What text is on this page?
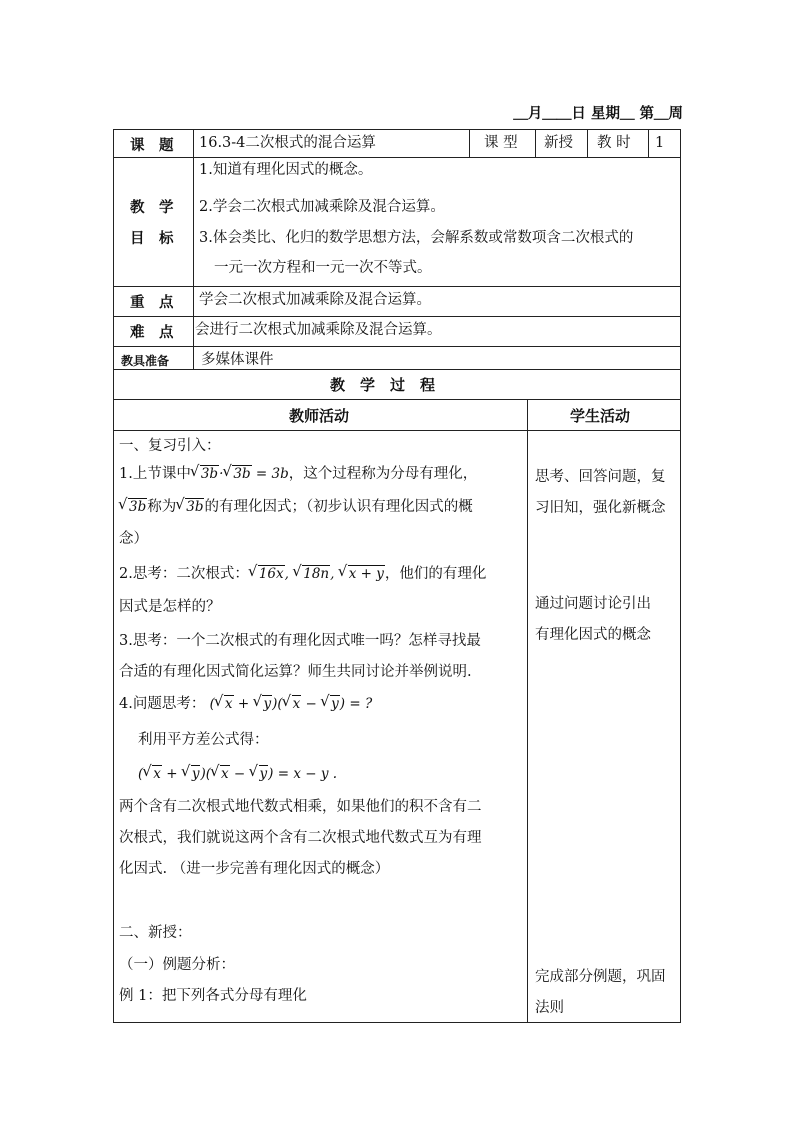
＿月＿＿日 星期＿ 第＿周
课　题 16.3-4二次根式的混合运算	课 型 新授 教 时 1
教　学
目　标
1.知道有理化因式的概念。
2.学会二次根式加减乘除及混合运算。
3.体会类比、化归的数学思想方法，会解系数或常数项含二次根式的
一元一次方程和一元一次不等式。
重　点 学会二次根式加减乘除及混合运算。
难　点 会进行二次根式加减乘除及混合运算。
教具准备 多媒体课件
教　学　过　程
教师活动	学生活动
一、复习引入：
1.上节课中 √ 3b· √ 3b = 3b，这个过程称为分母有理化，
√ 3b称为 √ 3b的有理化因式；（初步认识有理化因式的概
念）
2.思考：二次根式： √ 16x, √ 18n, √ x + y，他们的有理化
因式是怎样的？
3.思考：一个二次根式的有理化因式唯一吗？怎样寻找最
合适的有理化因式简化运算？师生共同讨论并举例说明.
4.问题思考： ( √ x + √ y)( √ x − √ y) = ?
利用平方差公式得：
( √ x + √ y)( √ x − √ y) = x − y .
两个含有二次根式地代数式相乘，如果他们的积不含有二
次根式，我们就说这两个含有二次根式地代数式互为有理
化因式. （进一步完善有理化因式的概念）
二、新授：
（一）例题分析：
例 1：把下列各式分母有理化
思考、回答问题，复
习旧知，强化新概念
通过问题讨论引出
有理化因式的概念
完成部分例题，巩固
法则
